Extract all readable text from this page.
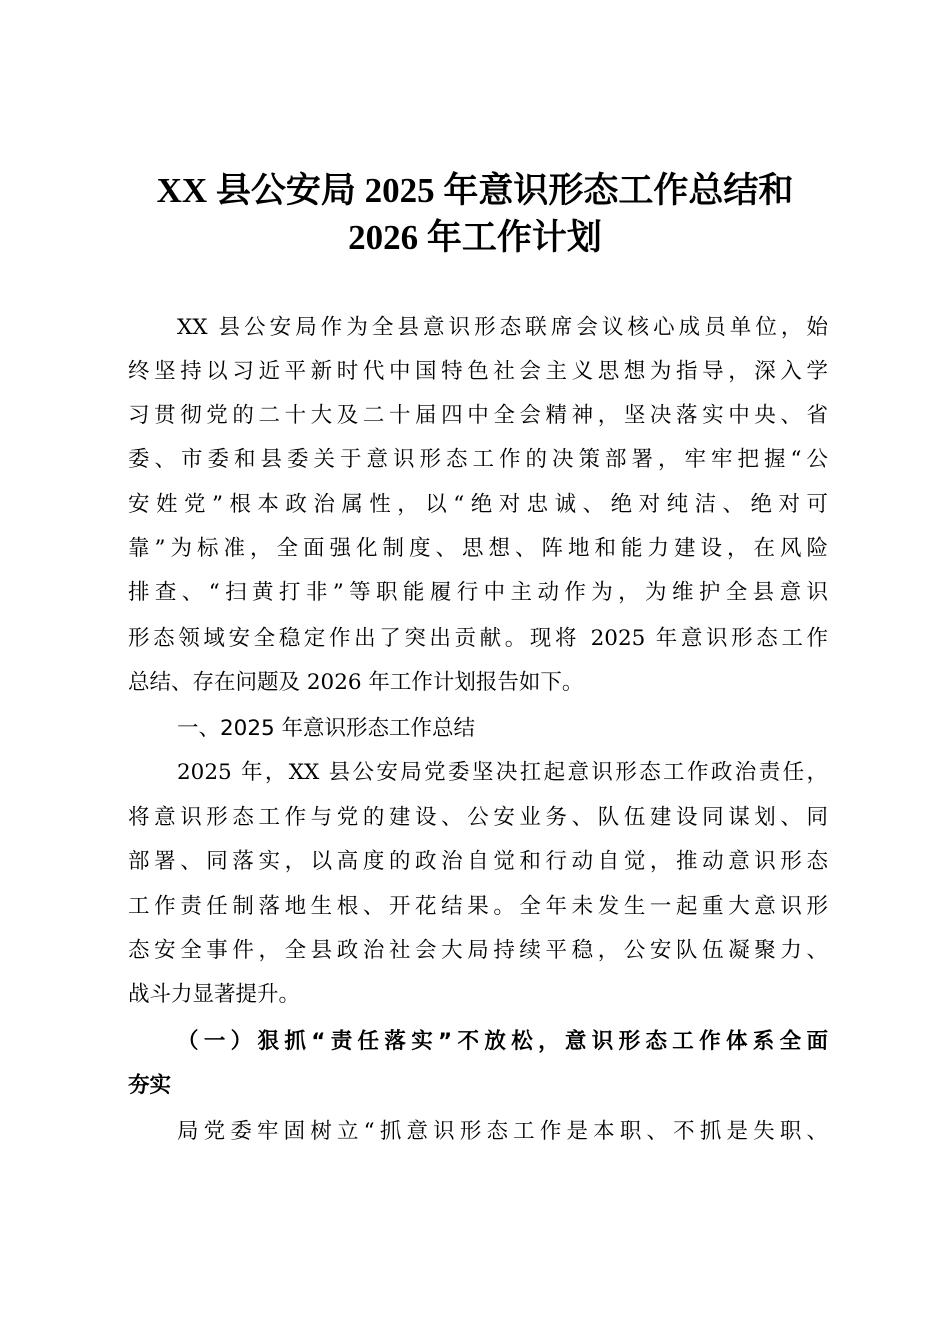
XX 县公安局 2025 年意识形态工作总结和
2026 年工作计划
XX 县公安局作为全县意识形态联席会议核心成员单位，始
终坚持以习近平新时代中国特色社会主义思想为指导，深入学
习贯彻党的二十大及二十届四中全会精神，坚决落实中央、省
委、市委和县委关于意识形态工作的决策部署，牢牢把握“公
安姓党”根本政治属性，以“绝对忠诚、绝对纯洁、绝对可
靠”为标准，全面强化制度、思想、阵地和能力建设，在风险
排查、“扫黄打非”等职能履行中主动作为，为维护全县意识
形态领域安全稳定作出了突出贡献。现将 2025 年意识形态工作
总结、存在问题及 2026 年工作计划报告如下。
一、2025 年意识形态工作总结
2025 年，XX 县公安局党委坚决扛起意识形态工作政治责任，
将意识形态工作与党的建设、公安业务、队伍建设同谋划、同
部署、同落实，以高度的政治自觉和行动自觉，推动意识形态
工作责任制落地生根、开花结果。全年未发生一起重大意识形
态安全事件，全县政治社会大局持续平稳，公安队伍凝聚力、
战斗力显著提升。
（一）狠抓“责任落实”不放松，意识形态工作体系全面
夯实
局党委牢固树立“抓意识形态工作是本职、不抓是失职、
